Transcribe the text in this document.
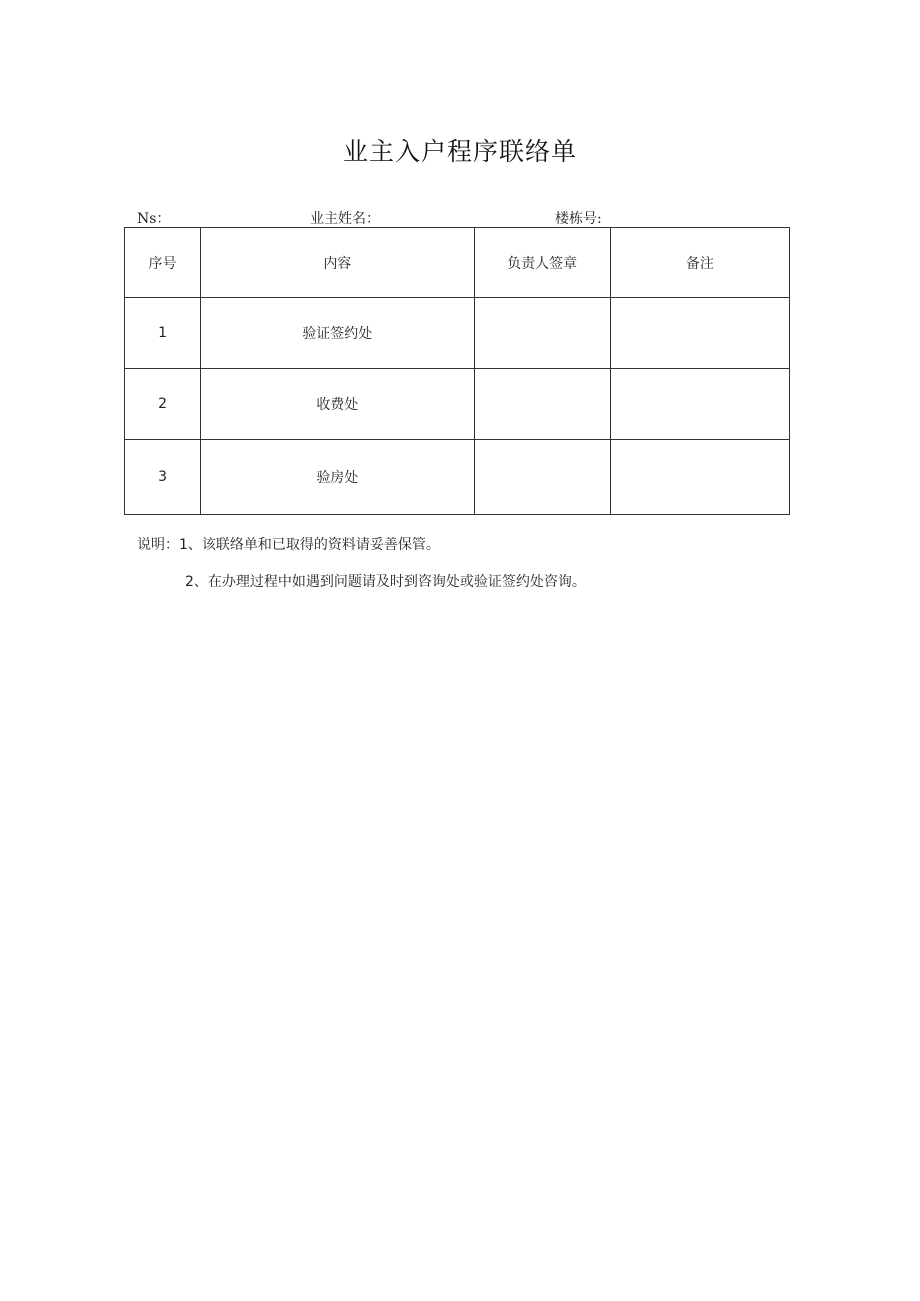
业主入户程序联络单
Ns：	业主姓名：	楼栋号:
序号	内容	负责人签章	备注
1	验证签约处		
2	收费处		
3	验房处		
说明：1、该联络单和已取得的资料请妥善保管。
2、在办理过程中如遇到问题请及时到咨询处或验证签约处咨询。
